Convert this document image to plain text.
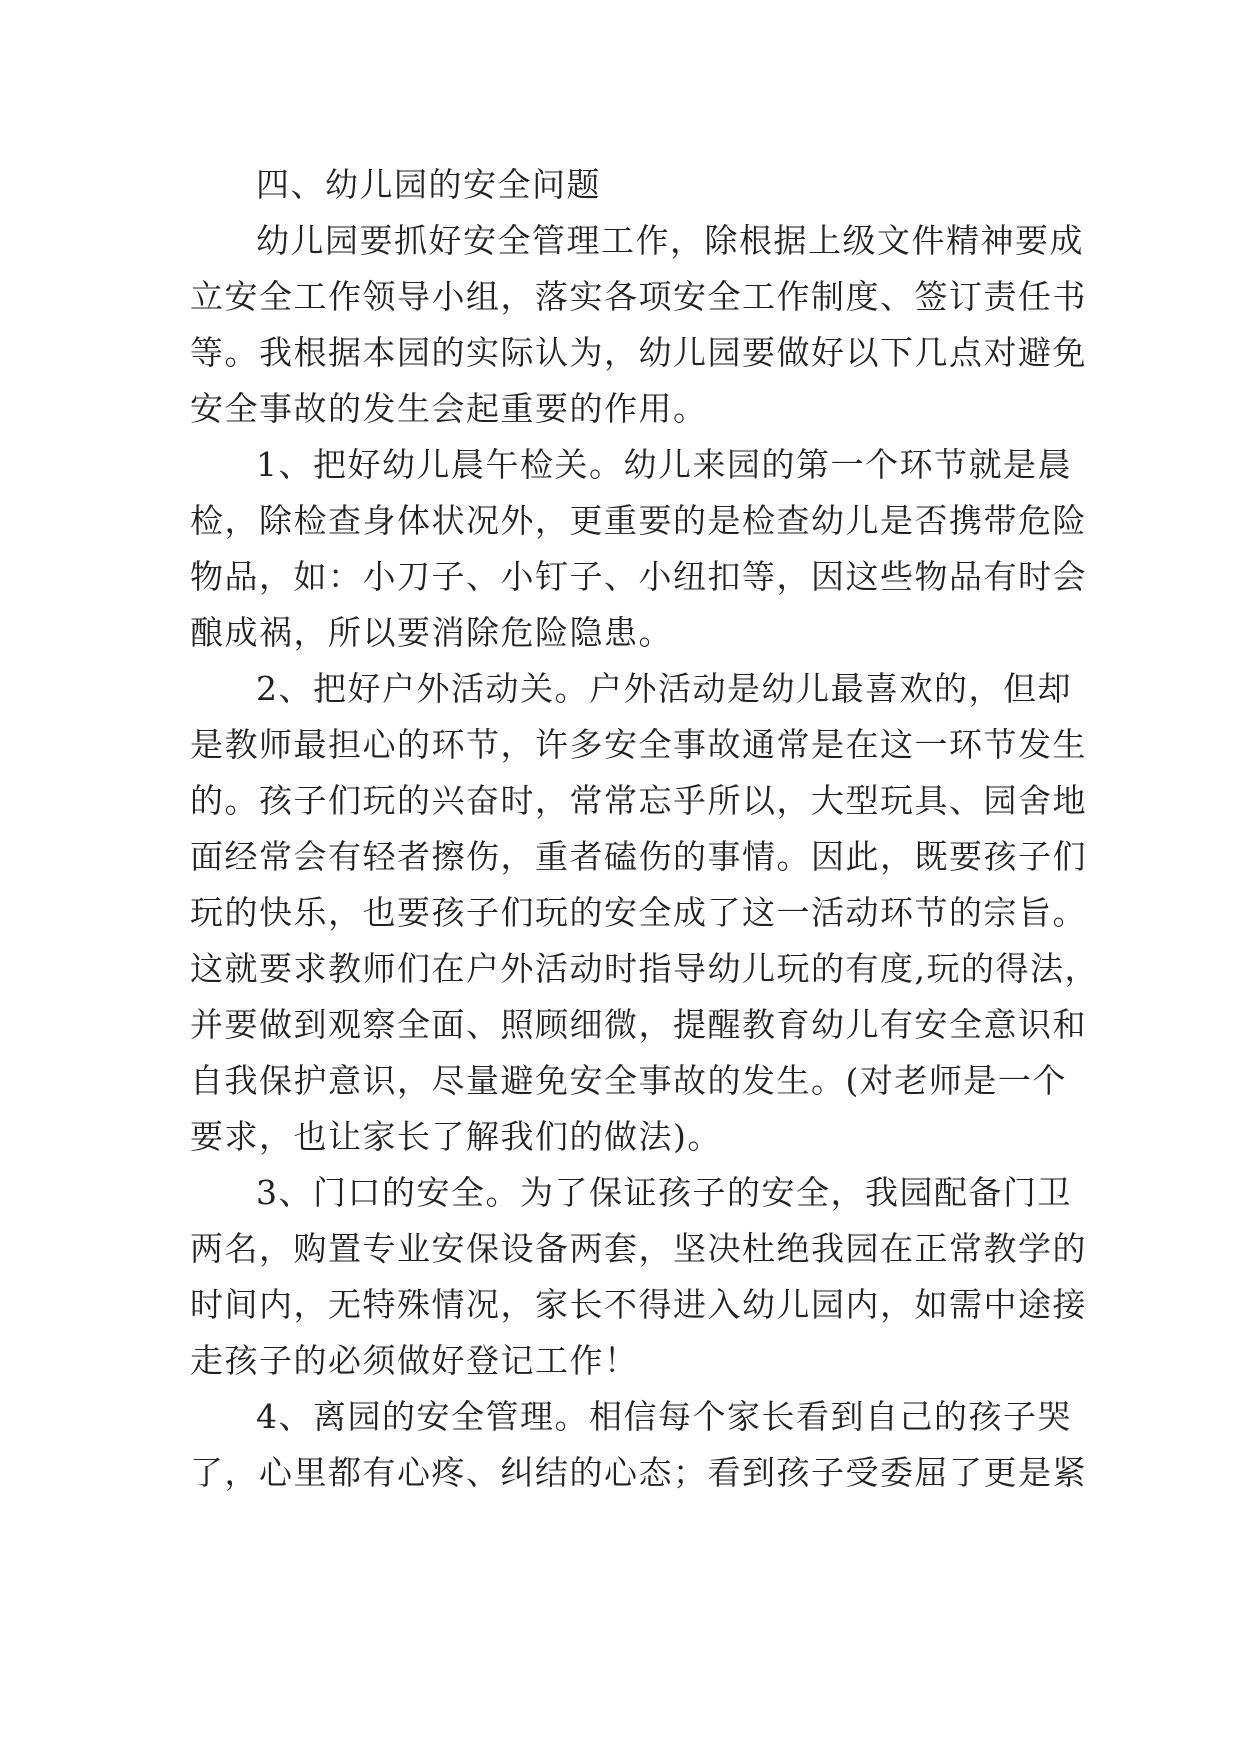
四、幼儿园的安全问题
幼儿园要抓好安全管理工作，除根据上级文件精神要成
立安全工作领导小组，落实各项安全工作制度、签订责任书
等。我根据本园的实际认为，幼儿园要做好以下几点对避免
安全事故的发生会起重要的作用。
1、把好幼儿晨午检关。幼儿来园的第一个环节就是晨
检，除检查身体状况外，更重要的是检查幼儿是否携带危险
物品，如：小刀子、小钉子、小纽扣等，因这些物品有时会
酿成祸，所以要消除危险隐患。
2、把好户外活动关。户外活动是幼儿最喜欢的，但却
是教师最担心的环节，许多安全事故通常是在这一环节发生
的。孩子们玩的兴奋时，常常忘乎所以，大型玩具、园舍地
面经常会有轻者擦伤，重者磕伤的事情。因此，既要孩子们
玩的快乐，也要孩子们玩的安全成了这一活动环节的宗旨。
这就要求教师们在户外活动时指导幼儿玩的有度,玩的得法，
并要做到观察全面、照顾细微，提醒教育幼儿有安全意识和
自我保护意识，尽量避免安全事故的发生。(对老师是一个
要求，也让家长了解我们的做法)。
3、门口的安全。为了保证孩子的安全，我园配备门卫
两名，购置专业安保设备两套，坚决杜绝我园在正常教学的
时间内，无特殊情况，家长不得进入幼儿园内，如需中途接
走孩子的必须做好登记工作！
4、离园的安全管理。相信每个家长看到自己的孩子哭
了，心里都有心疼、纠结的心态；看到孩子受委屈了更是紧
